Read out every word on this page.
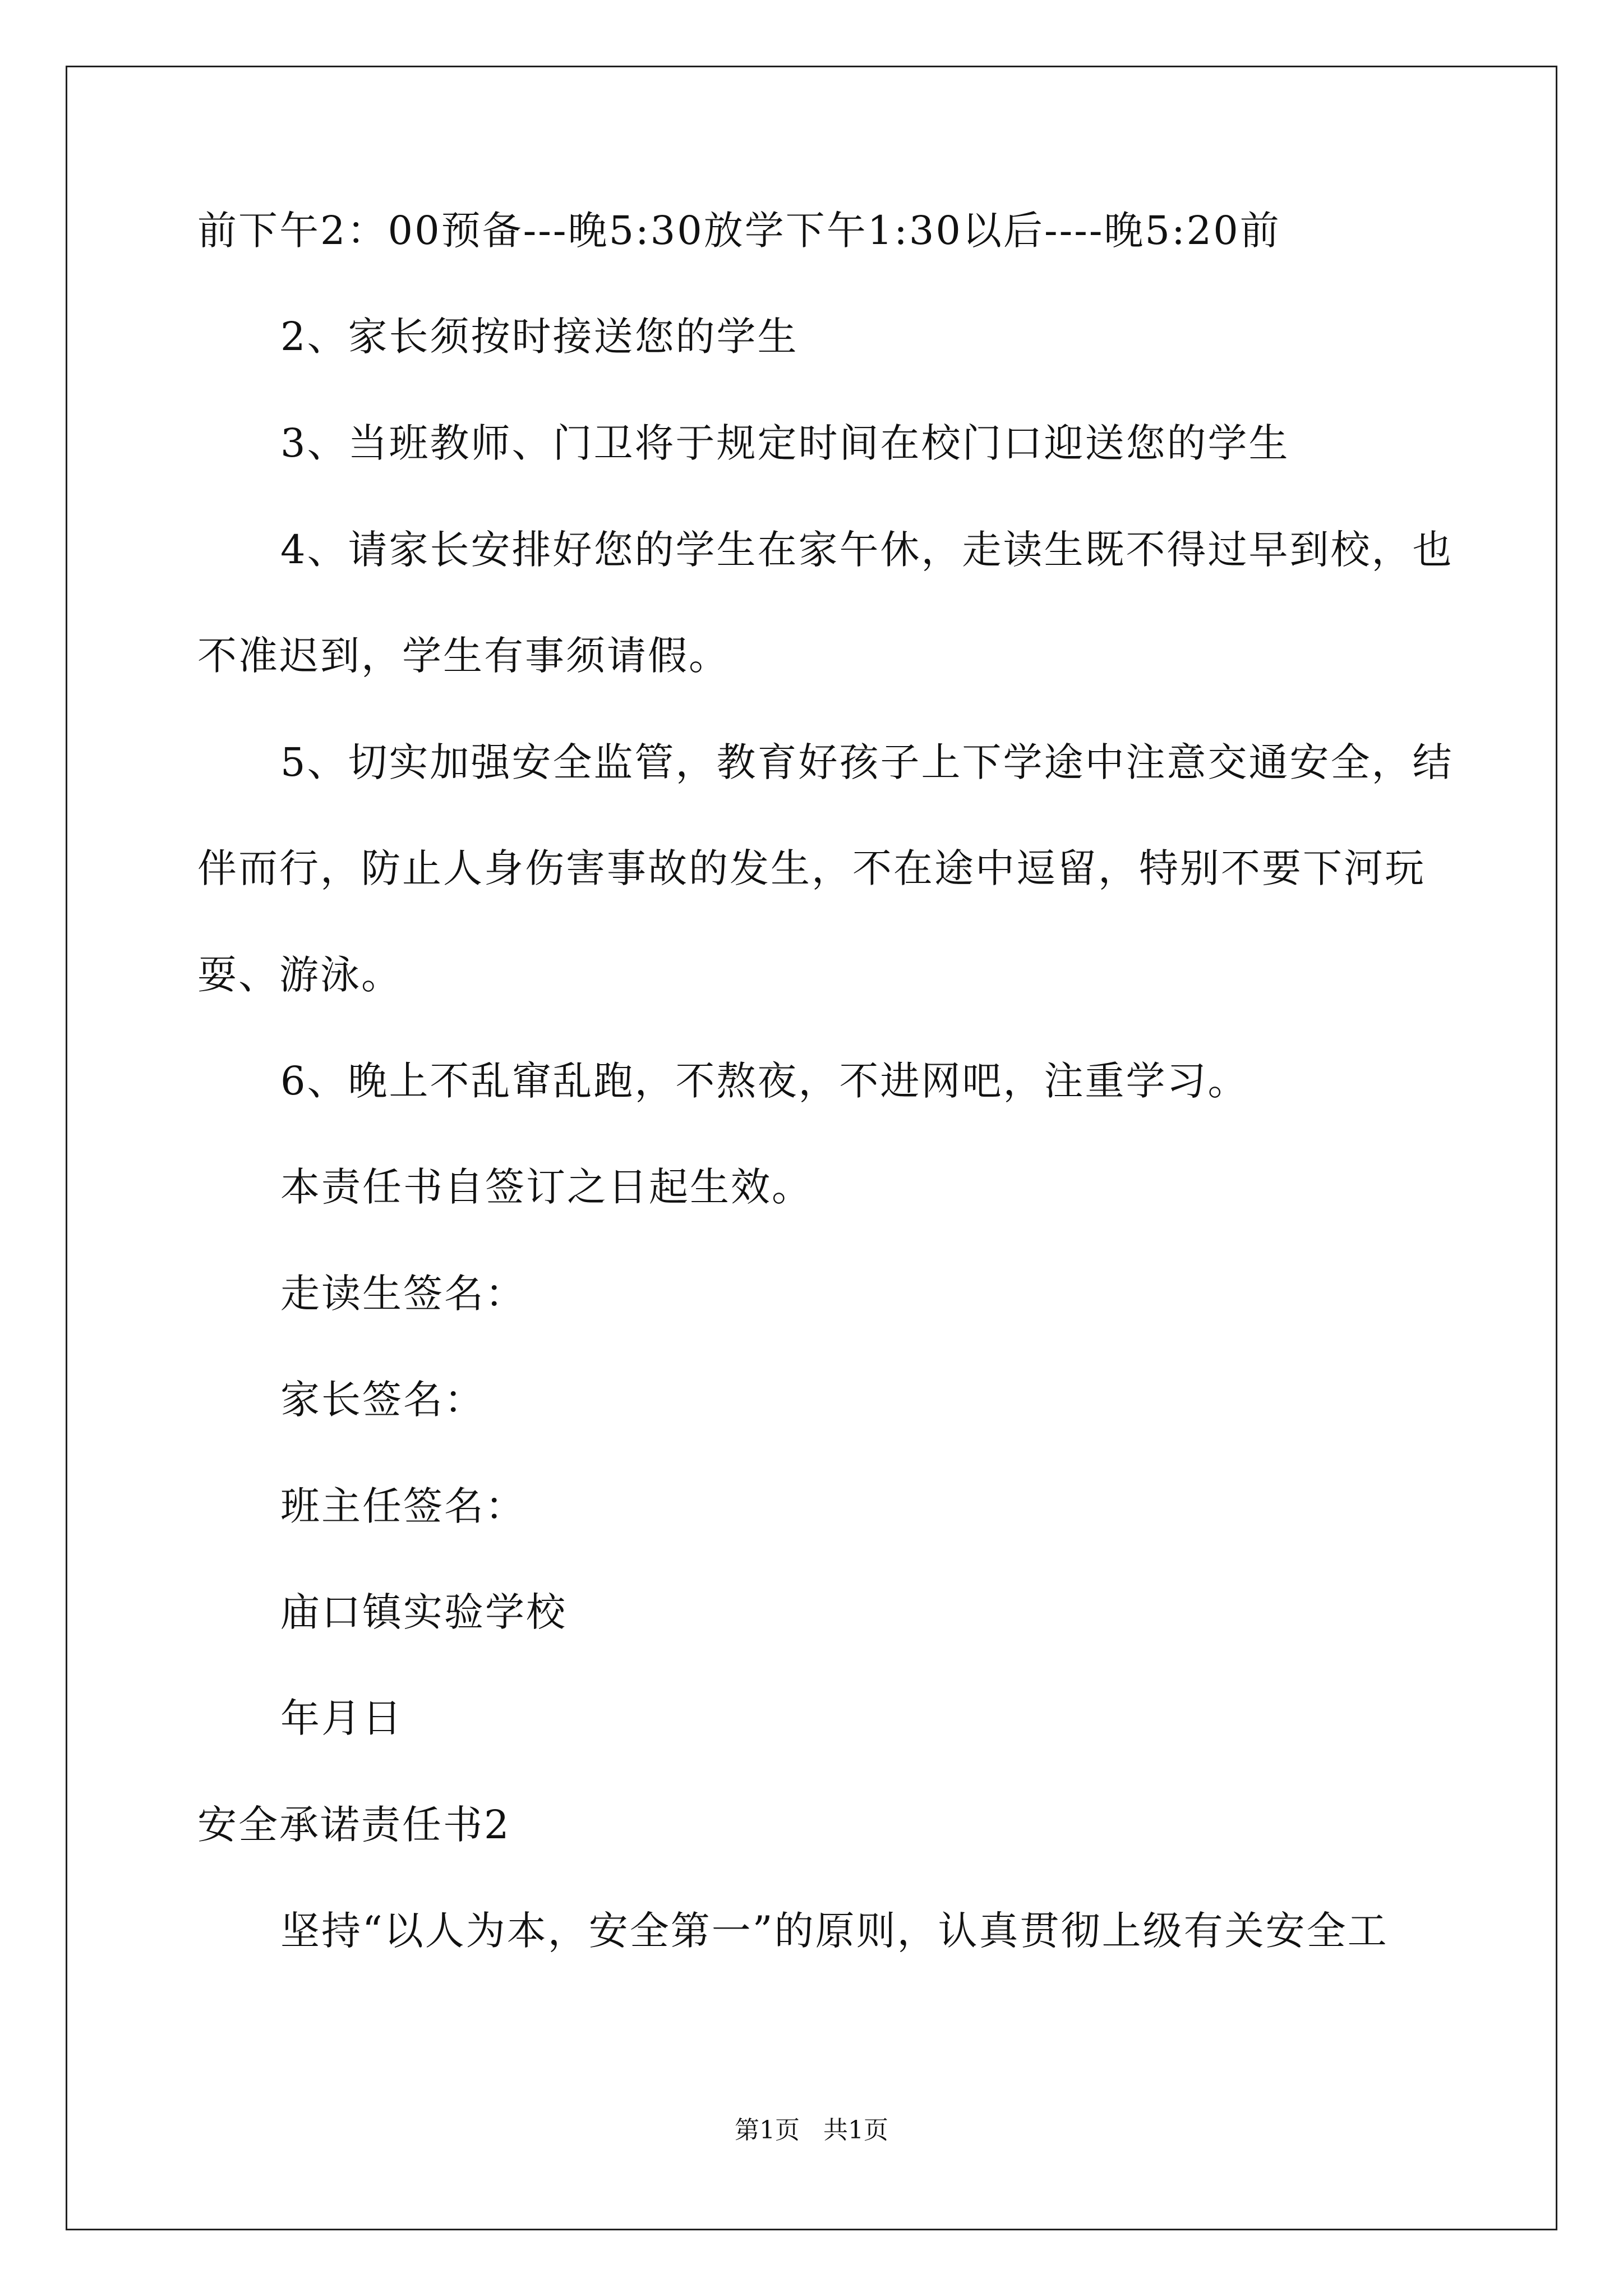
前下午2：00预备---晚5:30放学下午1:30以后----晚5:20前
2、家长须按时接送您的学生
3、当班教师、门卫将于规定时间在校门口迎送您的学生
4、请家长安排好您的学生在家午休，走读生既不得过早到校，也
不准迟到，学生有事须请假。
5、切实加强安全监管，教育好孩子上下学途中注意交通安全，结
伴而行，防止人身伤害事故的发生，不在途中逗留，特别不要下河玩
耍、游泳。
6、晚上不乱窜乱跑，不熬夜，不进网吧，注重学习。
本责任书自签订之日起生效。
走读生签名：
家长签名：
班主任签名：
庙口镇实验学校
年月日
安全承诺责任书2
坚持“以人为本，安全第一”的原则，认真贯彻上级有关安全工
第1页   共1页
